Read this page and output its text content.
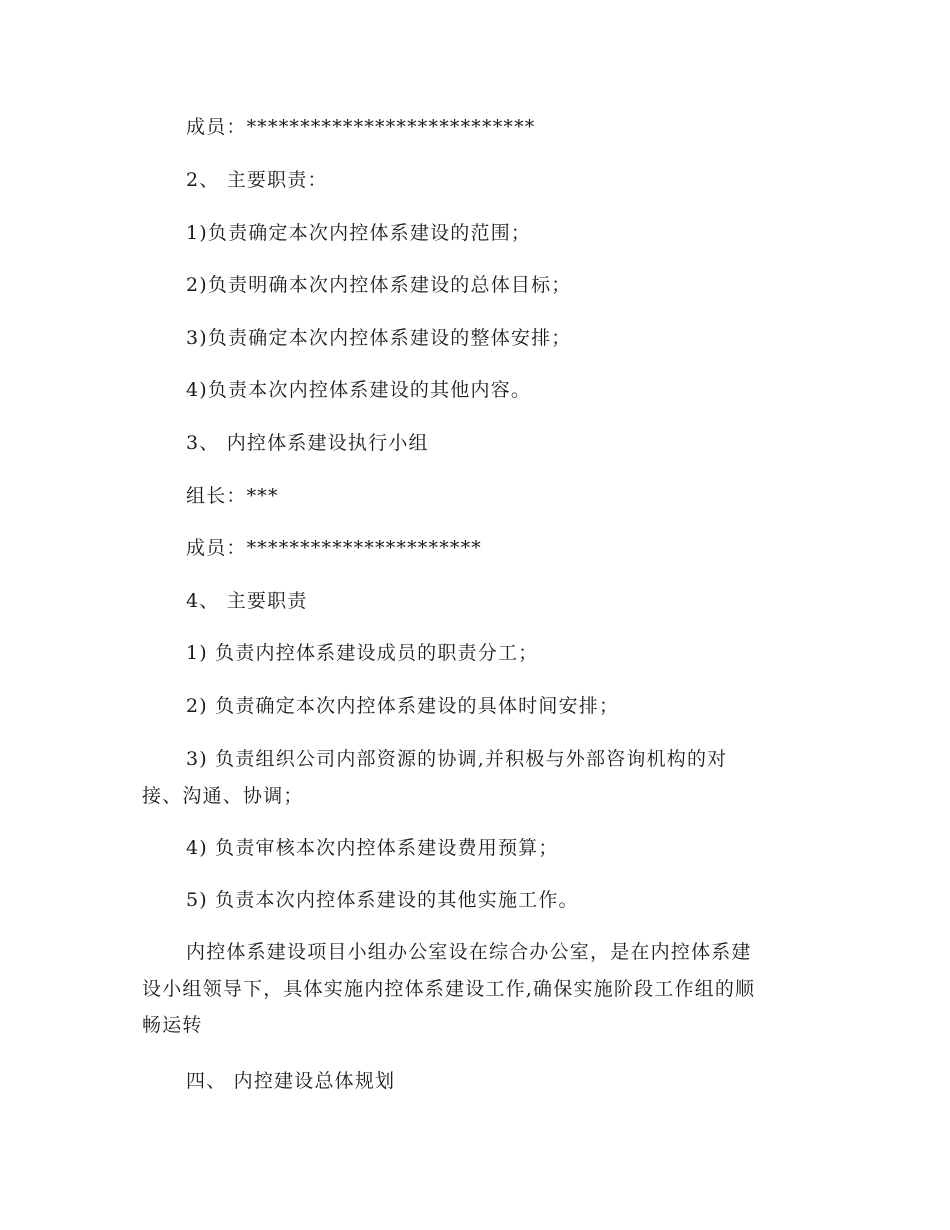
成员：***************************
2、 主要职责：
1)负责确定本次内控体系建设的范围；
2)负责明确本次内控体系建设的总体目标；
3)负责确定本次内控体系建设的整体安排；
4)负责本次内控体系建设的其他内容。
3、 内控体系建设执行小组
组长：***
成员：**********************
4、 主要职责
1) 负责内控体系建设成员的职责分工；
2) 负责确定本次内控体系建设的具体时间安排；
3) 负责组织公司内部资源的协调,并积极与外部咨询机构的对
接、沟通、协调；
4) 负责审核本次内控体系建设费用预算；
5) 负责本次内控体系建设的其他实施工作。
内控体系建设项目小组办公室设在综合办公室，是在内控体系建
设小组领导下，具体实施内控体系建设工作,确保实施阶段工作组的顺
畅运转
四、 内控建设总体规划
